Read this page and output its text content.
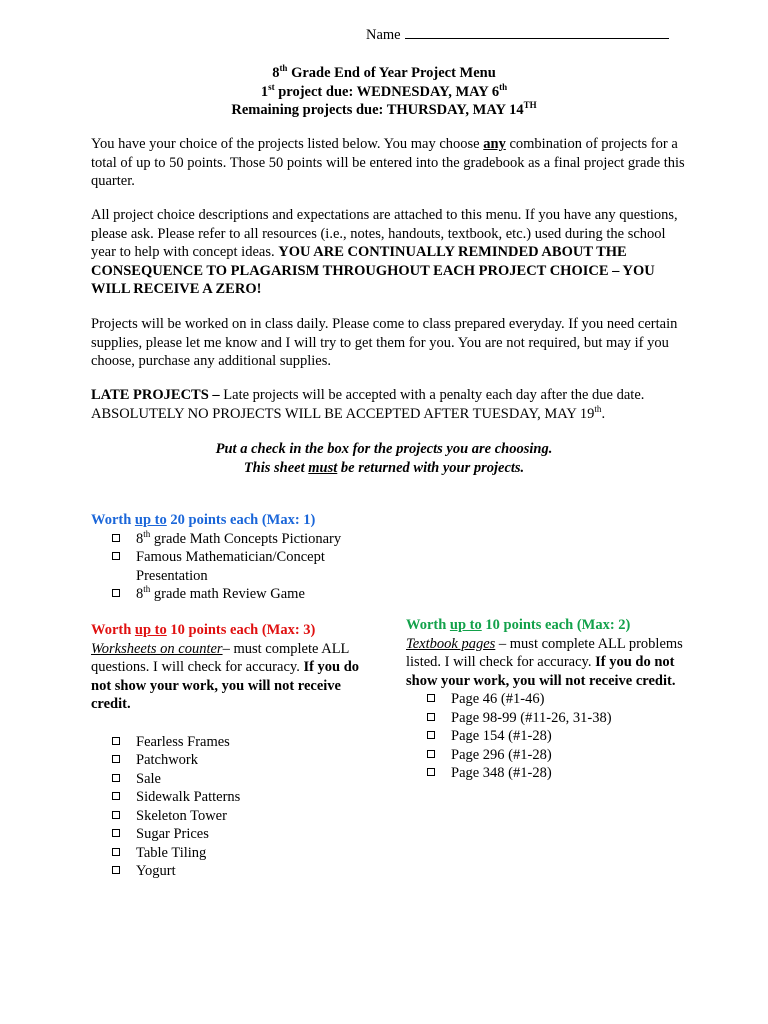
Name
8th Grade End of Year Project Menu
1st project due: WEDNESDAY, MAY 6th
Remaining projects due: THURSDAY, MAY 14TH

You have your choice of the projects listed below. You may choose any combination of projects for a total of up to 50 points. Those 50 points will be entered into the gradebook as a final project grade this quarter.

All project choice descriptions and expectations are attached to this menu. If you have any questions, please ask. Please refer to all resources (i.e., notes, handouts, textbook, etc.) used during the school year to help with concept ideas. YOU ARE CONTINUALLY REMINDED ABOUT THE CONSEQUENCE TO PLAGARISM THROUGHOUT EACH PROJECT CHOICE – YOU WILL RECEIVE A ZERO!

Projects will be worked on in class daily. Please come to class prepared everyday. If you need certain supplies, please let me know and I will try to get them for you. You are not required, but may if you choose, purchase any additional supplies.

LATE PROJECTS – Late projects will be accepted with a penalty each day after the due date. ABSOLUTELY NO PROJECTS WILL BE ACCEPTED AFTER TUESDAY, MAY 19th.

Put a check in the box for the projects you are choosing.
This sheet must be returned with your projects.
Worth up to 20 points each (Max: 1)
8th grade Math Concepts Pictionary
Famous Mathematician/Concept Presentation
8th grade math Review Game
Worth up to 10 points each (Max: 3)
Worksheets on counter– must complete ALL questions. I will check for accuracy. If you do not show your work, you will not receive credit.
Fearless Frames
Patchwork
Sale
Sidewalk Patterns
Skeleton Tower
Sugar Prices
Table Tiling
Yogurt
Worth up to 10 points each (Max: 2)
Textbook pages – must complete ALL problems listed. I will check for accuracy. If you do not show your work, you will not receive credit.
Page 46 (#1-46)
Page 98-99 (#11-26, 31-38)
Page 154 (#1-28)
Page 296 (#1-28)
Page 348 (#1-28)
